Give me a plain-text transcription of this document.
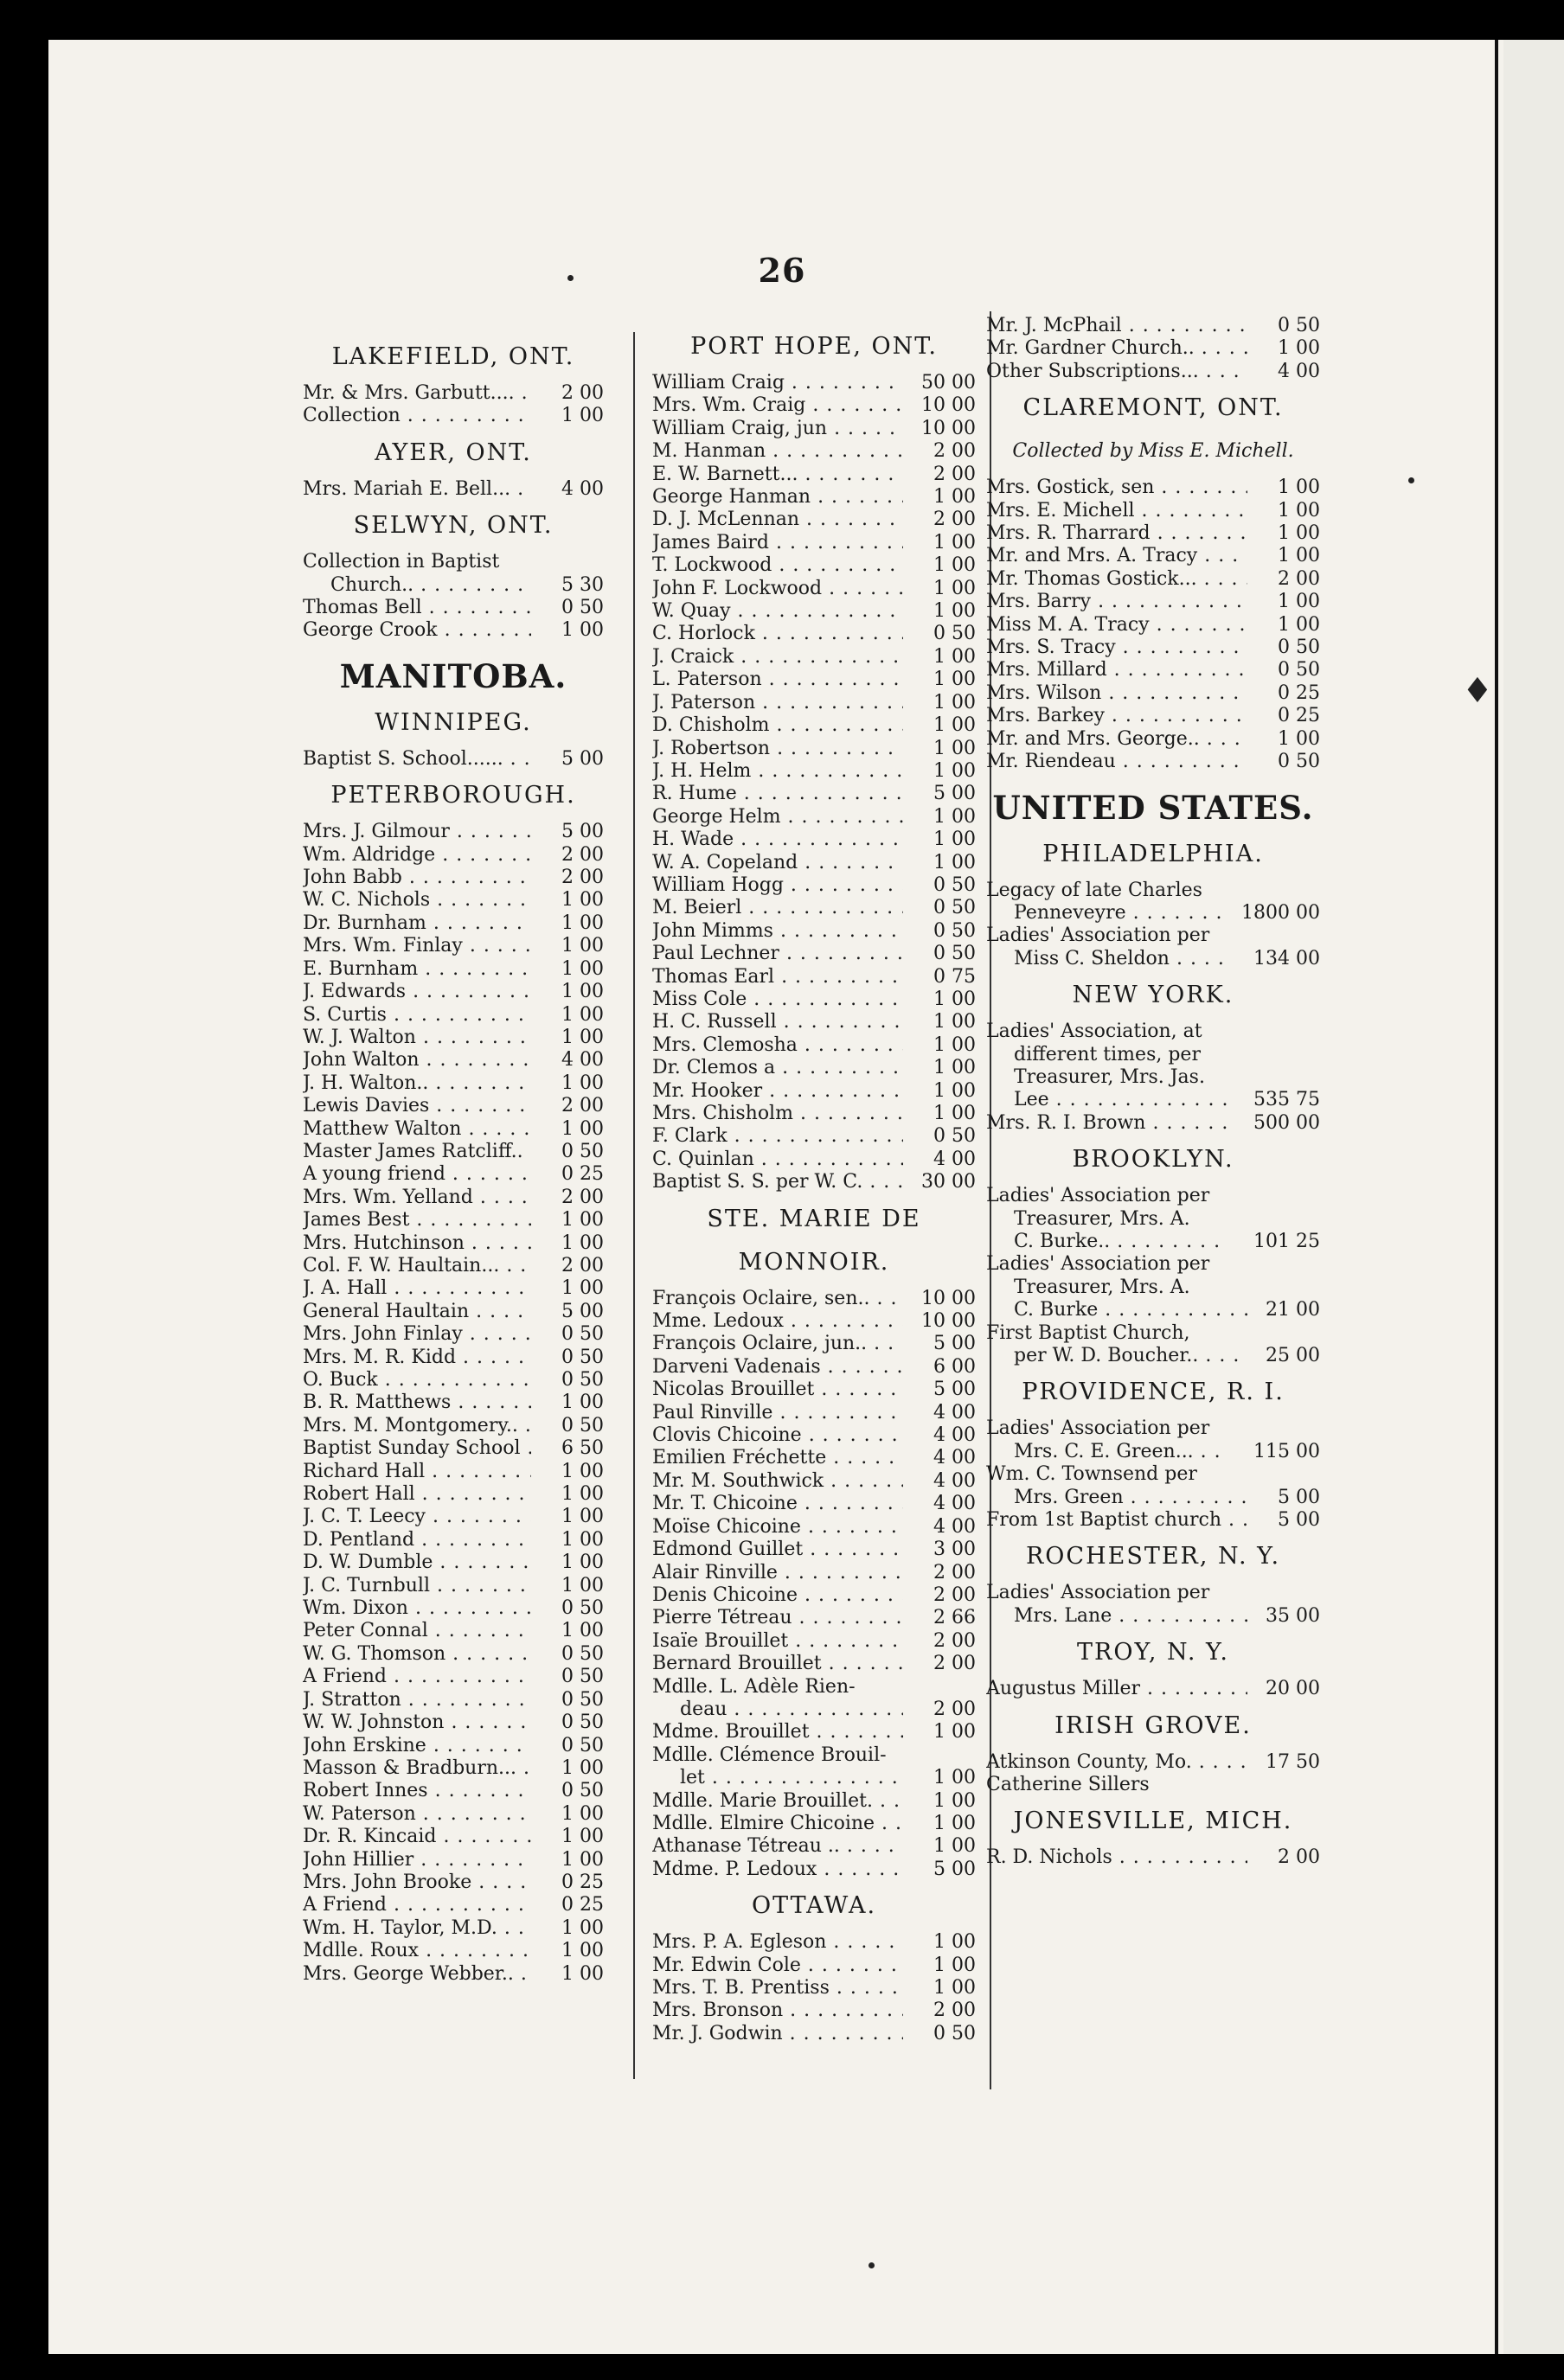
♦
26
LAKEFIELD, ONT.
Mr. & Mrs. Garbutt.... . . .	2 00
Collection . . .	1 00
AYER, ONT.
Mrs. Mariah E. Bell... . . .	4 00
SELWYN, ONT.
Collection in Baptist
Church.. . . .	5 30
Thomas Bell . . .	0 50
George Crook . . .	1 00
MANITOBA.
WINNIPEG.
Baptist S. School...... . . .	5 00
PETERBOROUGH.
Mrs. J. Gilmour . . .	5 00
Wm. Aldridge . . .	2 00
John Babb . . .	2 00
W. C. Nichols . . .	1 00
Dr. Burnham . . .	1 00
Mrs. Wm. Finlay . . .	1 00
E. Burnham . . .	1 00
J. Edwards . . .	1 00
S. Curtis . . .	1 00
W. J. Walton . . .	1 00
John Walton . . .	4 00
J. H. Walton.. . . .	1 00
Lewis Davies . . .	2 00
Matthew Walton . . .	1 00
Master James Ratcliff.. . . .	0 50
A young friend . . .	0 25
Mrs. Wm. Yelland . . .	2 00
James Best . . .	1 00
Mrs. Hutchinson . . .	1 00
Col. F. W. Haultain... . . .	2 00
J. A. Hall . . .	1 00
General Haultain . . .	5 00
Mrs. John Finlay . . .	0 50
Mrs. M. R. Kidd . . .	0 50
O. Buck . . .	0 50
B. R. Matthews . . .	1 00
Mrs. M. Montgomery.. . . .	0 50
Baptist Sunday School . . .	6 50
Richard Hall . . .	1 00
Robert Hall . . .	1 00
J. C. T. Leecy . . .	1 00
D. Pentland . . .	1 00
D. W. Dumble . . .	1 00
J. C. Turnbull . . .	1 00
Wm. Dixon . . .	0 50
Peter Connal . . .	1 00
W. G. Thomson . . .	0 50
A Friend . . .	0 50
J. Stratton . . .	0 50
W. W. Johnston . . .	0 50
John Erskine . . .	0 50
Masson & Bradburn... . . .	1 00
Robert Innes . . .	0 50
W. Paterson . . .	1 00
Dr. R. Kincaid . . .	1 00
John Hillier . . .	1 00
Mrs. John Brooke . . .	0 25
A Friend . . .	0 25
Wm. H. Taylor, M.D. . . .	1 00
Mdlle. Roux . . .	1 00
Mrs. George Webber.. . . .	1 00
PORT HOPE, ONT.
William Craig . . .	50 00
Mrs. Wm. Craig . . .	10 00
William Craig, jun . . .	10 00
M. Hanman . . .	2 00
E. W. Barnett... . . .	2 00
George Hanman . . .	1 00
D. J. McLennan . . .	2 00
James Baird . . .	1 00
T. Lockwood . . .	1 00
John F. Lockwood . . .	1 00
W. Quay . . .	1 00
C. Horlock . . .	0 50
J. Craick . . .	1 00
L. Paterson . . .	1 00
J. Paterson . . .	1 00
D. Chisholm . . .	1 00
J. Robertson . . .	1 00
J. H. Helm . . .	1 00
R. Hume . . .	5 00
George Helm . . .	1 00
H. Wade . . .	1 00
W. A. Copeland . . .	1 00
William Hogg . . .	0 50
M. Beierl . . .	0 50
John Mimms . . .	0 50
Paul Lechner . . .	0 50
Thomas Earl . . .	0 75
Miss Cole . . .	1 00
H. C. Russell . . .	1 00
Mrs. Clemosha . . .	1 00
Dr. Clemos a . . .	1 00
Mr. Hooker . . .	1 00
Mrs. Chisholm . . .	1 00
F. Clark . . .	0 50
C. Quinlan . . .	4 00
Baptist S. S. per W. C. . . .	30 00
STE. MARIE DE
MONNOIR.
François Oclaire, sen.. . . .	10 00
Mme. Ledoux . . .	10 00
François Oclaire, jun.. . . .	5 00
Darveni Vadenais . . .	6 00
Nicolas Brouillet . . .	5 00
Paul Rinville . . .	4 00
Clovis Chicoine . . .	4 00
Emilien Fréchette . . .	4 00
Mr. M. Southwick . . .	4 00
Mr. T. Chicoine . . .	4 00
Moïse Chicoine . . .	4 00
Edmond Guillet . . .	3 00
Alair Rinville . . .	2 00
Denis Chicoine . . .	2 00
Pierre Tétreau . . .	2 66
Isaïe Brouillet . . .	2 00
Bernard Brouillet . . .	2 00
Mdlle. L. Adèle Rien-
deau . . .	2 00
Mdme. Brouillet . . .	1 00
Mdlle. Clémence Brouil-
let . . .	1 00
Mdlle. Marie Brouillet. . . .	1 00
Mdlle. Elmire Chicoine . . .	1 00
Athanase Tétreau .. . . .	1 00
Mdme. P. Ledoux . . .	5 00
OTTAWA.
Mrs. P. A. Egleson . . .	1 00
Mr. Edwin Cole . . .	1 00
Mrs. T. B. Prentiss . . .	1 00
Mrs. Bronson . . .	2 00
Mr. J. Godwin . . .	0 50
Mr. J. McPhail . . .	0 50
Mr. Gardner Church.. . . .	1 00
Other Subscriptions... . . .	4 00
CLAREMONT, ONT.
Collected by Miss E. Michell.
Mrs. Gostick, sen . . .	1 00
Mrs. E. Michell . . .	1 00
Mrs. R. Tharrard . . .	1 00
Mr. and Mrs. A. Tracy . . .	1 00
Mr. Thomas Gostick... . . .	2 00
Mrs. Barry . . .	1 00
Miss M. A. Tracy . . .	1 00
Mrs. S. Tracy . . .	0 50
Mrs. Millard . . .	0 50
Mrs. Wilson . . .	0 25
Mrs. Barkey . . .	0 25
Mr. and Mrs. George.. . . .	1 00
Mr. Riendeau . . .	0 50
UNITED STATES.
PHILADELPHIA.
Legacy of late Charles
Penneveyre . . .	1800 00
Ladies' Association per
Miss C. Sheldon . . .	134 00
NEW YORK.
Ladies' Association, at
different times, per
Treasurer, Mrs. Jas.
Lee . . .	535 75
Mrs. R. I. Brown . . .	500 00
BROOKLYN.
Ladies' Association per
Treasurer, Mrs. A.
C. Burke.. . . .	101 25
Ladies' Association per
Treasurer, Mrs. A.
C. Burke . . .	21 00
First Baptist Church,
per W. D. Boucher.. . . .	25 00
PROVIDENCE, R. I.
Ladies' Association per
Mrs. C. E. Green... . . .	115 00
Wm. C. Townsend per
Mrs. Green . . .	5 00
From 1st Baptist church . . .	5 00
ROCHESTER, N. Y.
Ladies' Association per
Mrs. Lane . . .	35 00
TROY, N. Y.
Augustus Miller . . .	20 00
IRISH GROVE.
Atkinson County, Mo. . . .	17 50
Catherine Sillers
JONESVILLE, MICH.
R. D. Nichols . . .	2 00
